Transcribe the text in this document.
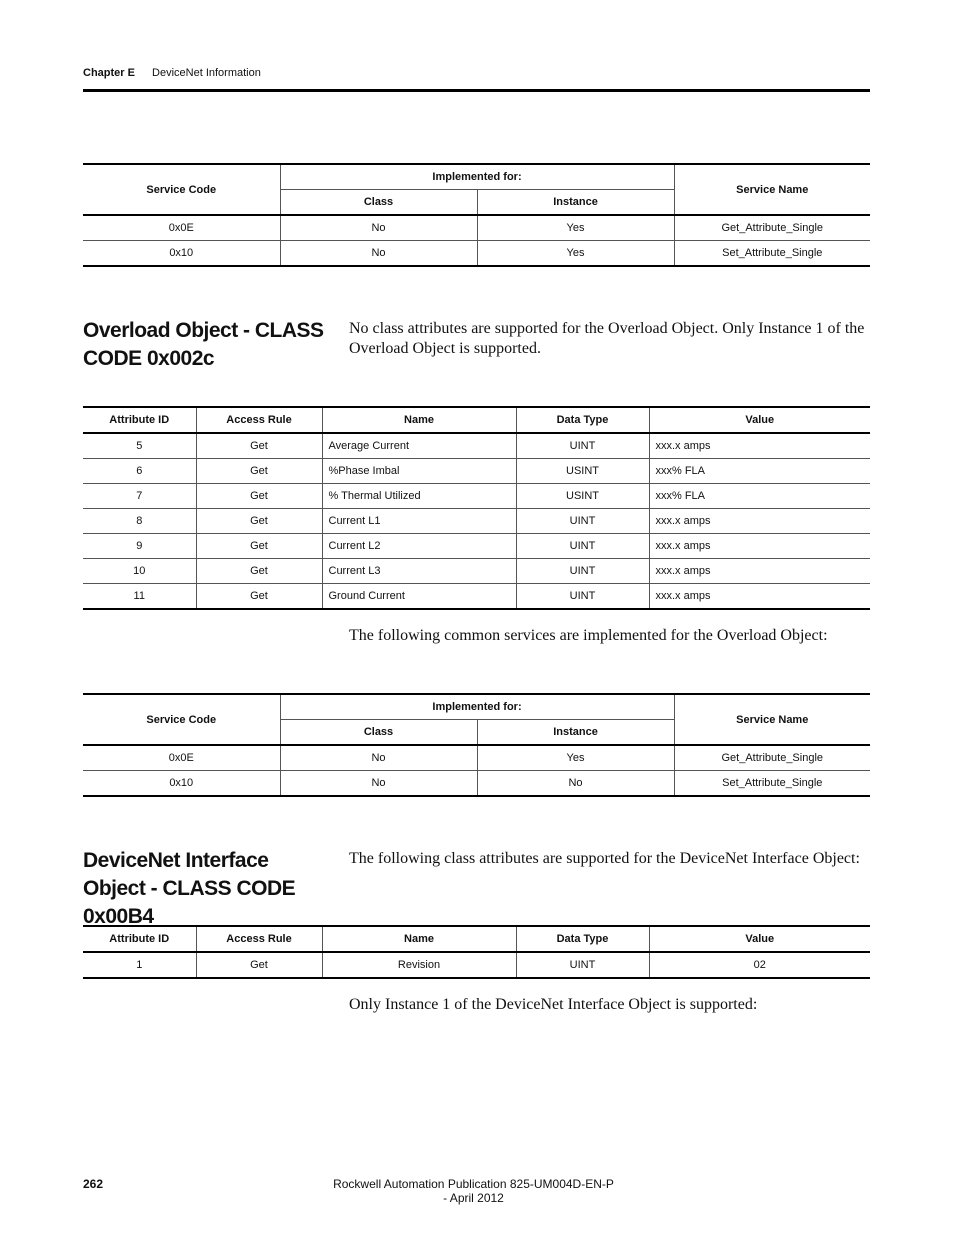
Chapter E DeviceNet Information
Service Code	Implemented for:		Service Name
	Class	Instance	
0x0E	No	Yes	Get_Attribute_Single
0x10	No	Yes	Set_Attribute_Single
Overload Object - CLASS CODE 0x002c

No class attributes are supported for the Overload Object. Only Instance 1 of the Overload Object is supported.

Attribute ID	Access Rule	Name	Data Type	Value
5	Get	Average Current	UINT	xxx.x amps
6	Get	%Phase Imbal	USINT	xxx% FLA
7	Get	% Thermal Utilized	USINT	xxx% FLA
8	Get	Current L1	UINT	xxx.x amps
9	Get	Current L2	UINT	xxx.x amps
10	Get	Current L3	UINT	xxx.x amps
11	Get	Ground Current	UINT	xxx.x amps

The following common services are implemented for the Overload Object:

Service Code	Implemented for:		Service Name
	Class	Instance	
0x0E	No	Yes	Get_Attribute_Single
0x10	No	No	Set_Attribute_Single
DeviceNet Interface Object - CLASS CODE 0x00B4

The following class attributes are supported for the DeviceNet Interface Object:

Attribute ID	Access Rule	Name	Data Type	Value
1	Get	Revision	UINT	02

Only Instance 1 of the DeviceNet Interface Object is supported:

262	Rockwell Automation Publication 825-UM004D-EN-P - April 2012
